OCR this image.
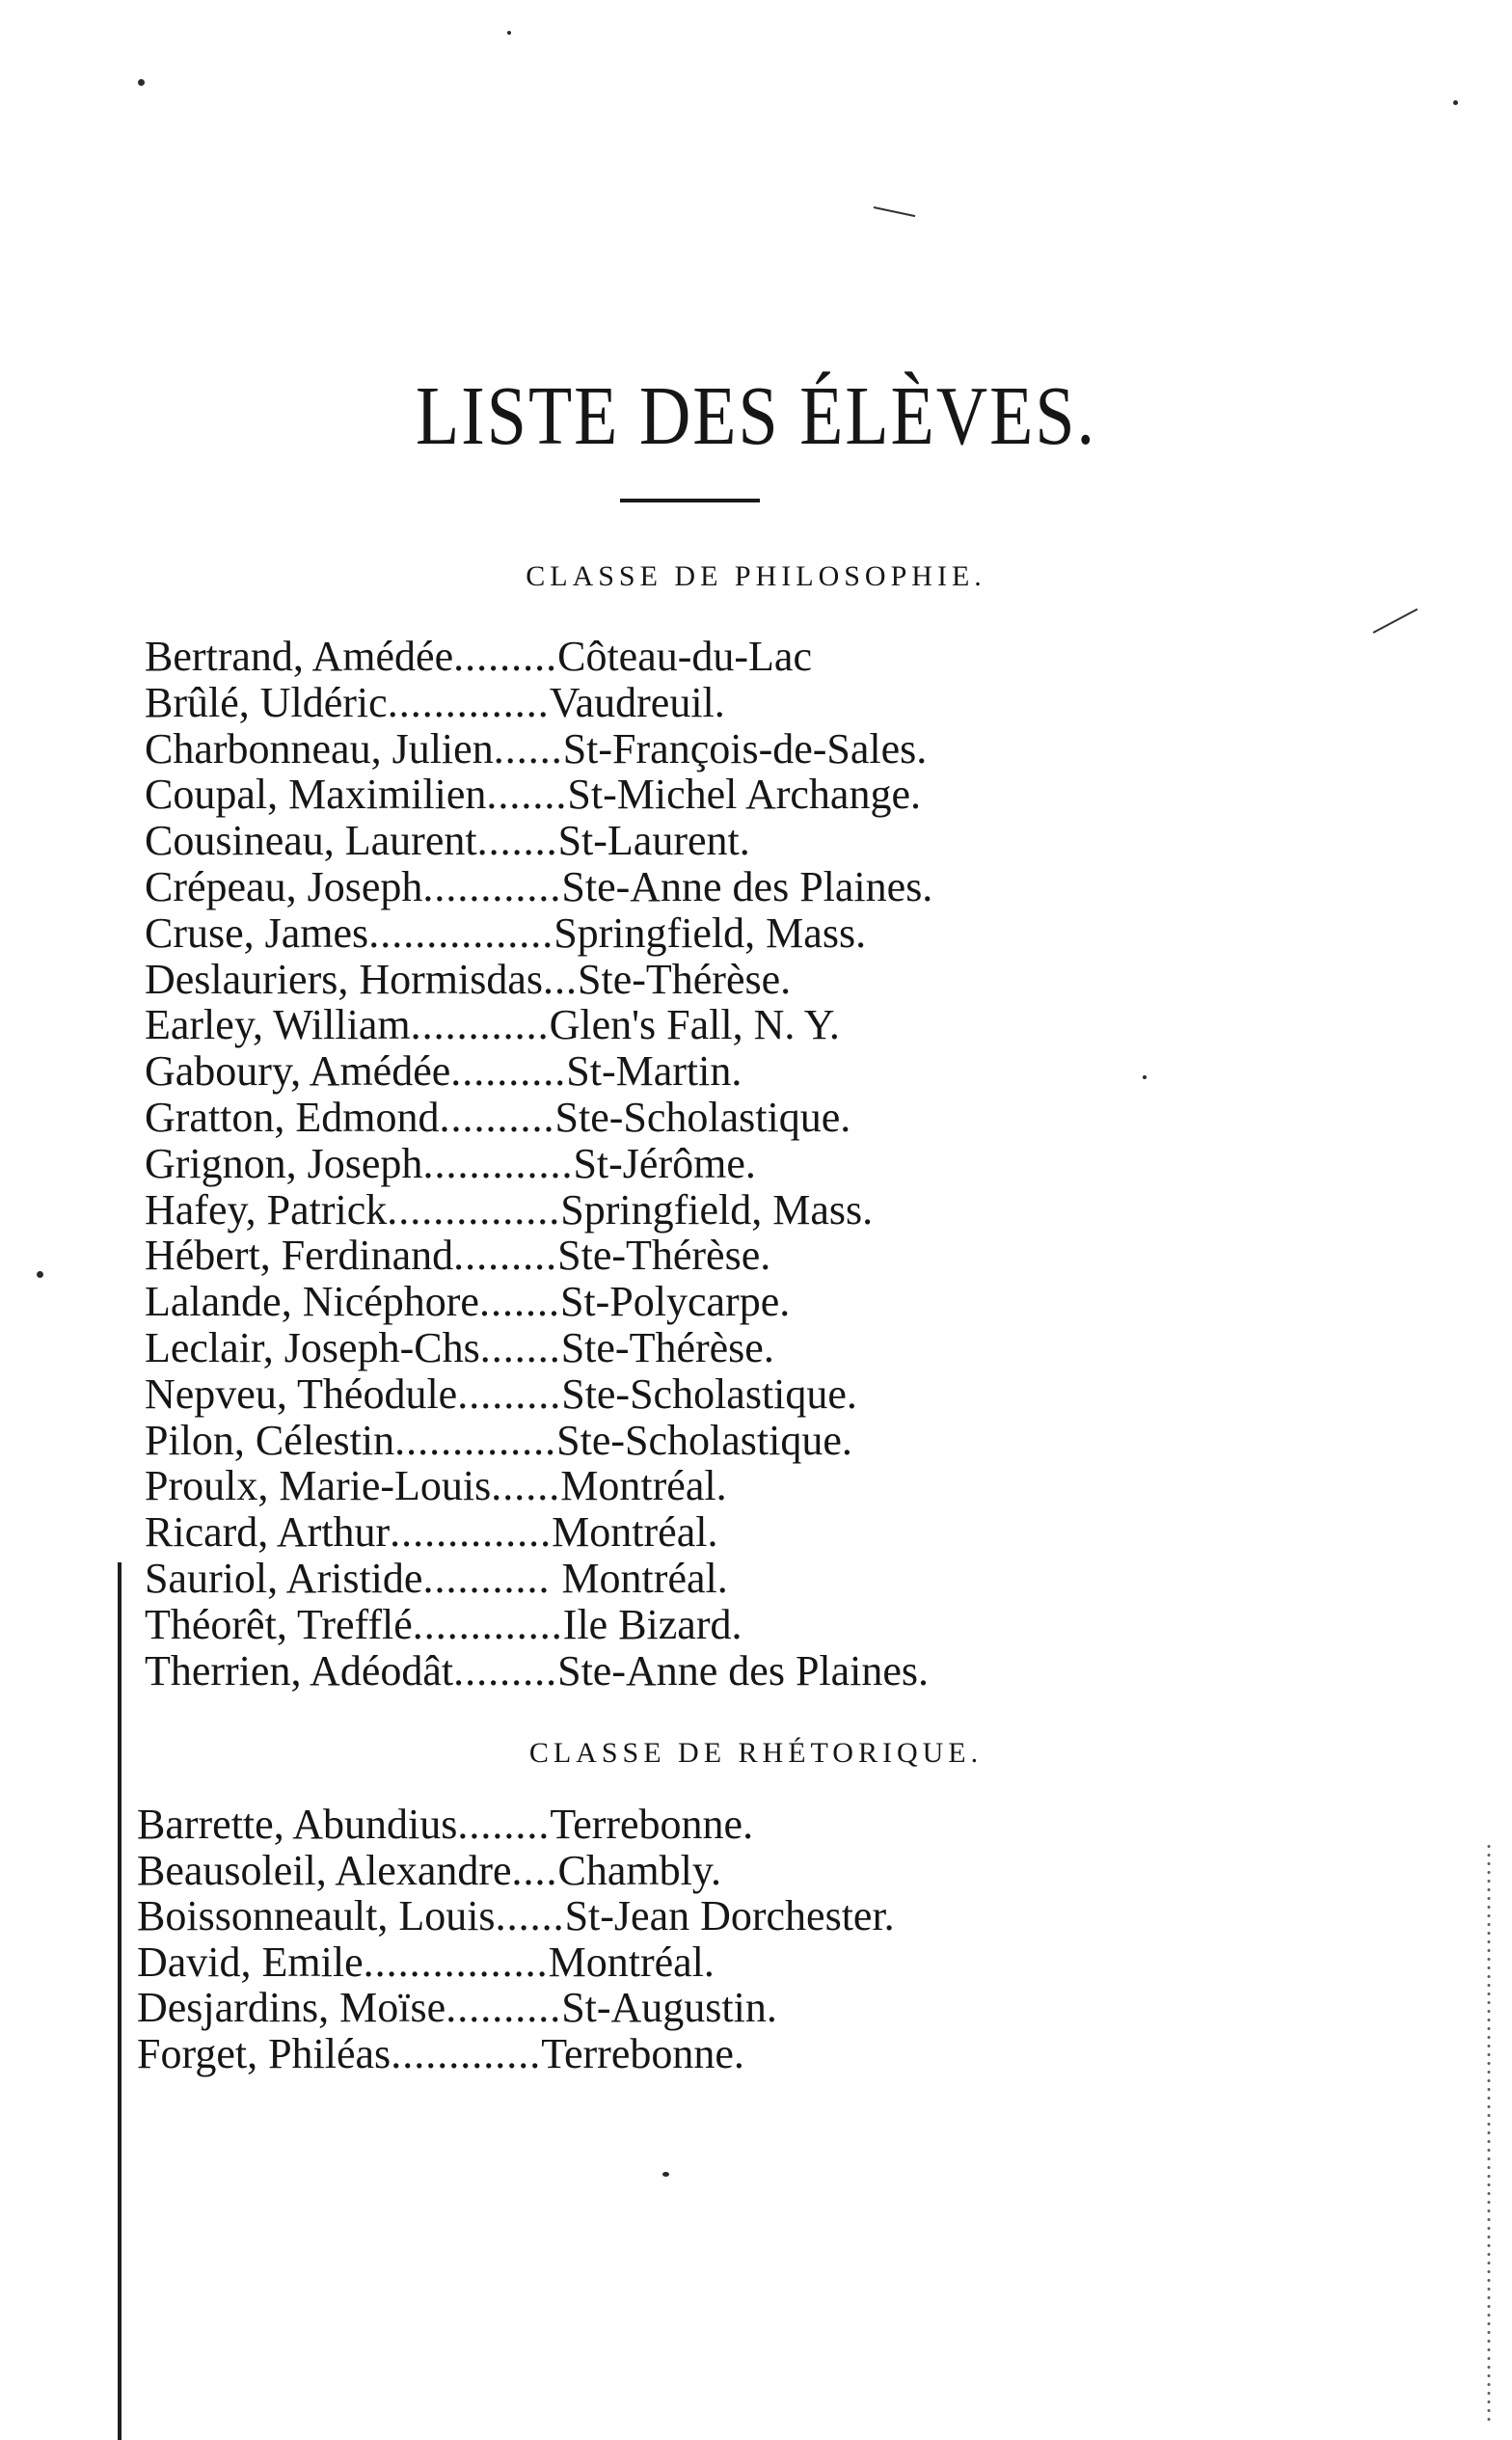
LISTE DES ÉLÈVES.
CLASSE DE PHILOSOPHIE.
Bertrand, Amédée.........Côteau-du-Lac
Brûlé, Uldéric..............Vaudreuil.
Charbonneau, Julien......St-François-de-Sales.
Coupal, Maximilien.......St-Michel Archange.
Cousineau, Laurent.......St-Laurent.
Crépeau, Joseph............Ste-Anne des Plaines.
Cruse, James................Springfield, Mass.
Deslauriers, Hormisdas...Ste-Thérèse.
Earley, William............Glen's Fall, N. Y.
Gaboury, Amédée..........St-Martin.
Gratton, Edmond..........Ste-Scholastique.
Grignon, Joseph.............St-Jérôme.
Hafey, Patrick...............Springfield, Mass.
Hébert, Ferdinand.........Ste-Thérèse.
Lalande, Nicéphore.......St-Polycarpe.
Leclair, Joseph-Chs.......Ste-Thérèse.
Nepveu, Théodule.........Ste-Scholastique.
Pilon, Célestin..............Ste-Scholastique.
Proulx, Marie-Louis......Montréal.
Ricard, Arthur..............Montréal.
Sauriol, Aristide........... Montréal.
Théorêt, Trefflé.............Ile Bizard.
Therrien, Adéodât.........Ste-Anne des Plaines.
CLASSE DE RHÉTORIQUE.
Barrette, Abundius........Terrebonne.
Beausoleil, Alexandre....Chambly.
Boissonneault, Louis......St-Jean Dorchester.
David, Emile................Montréal.
Desjardins, Moïse..........St-Augustin.
Forget, Philéas.............Terrebonne.
